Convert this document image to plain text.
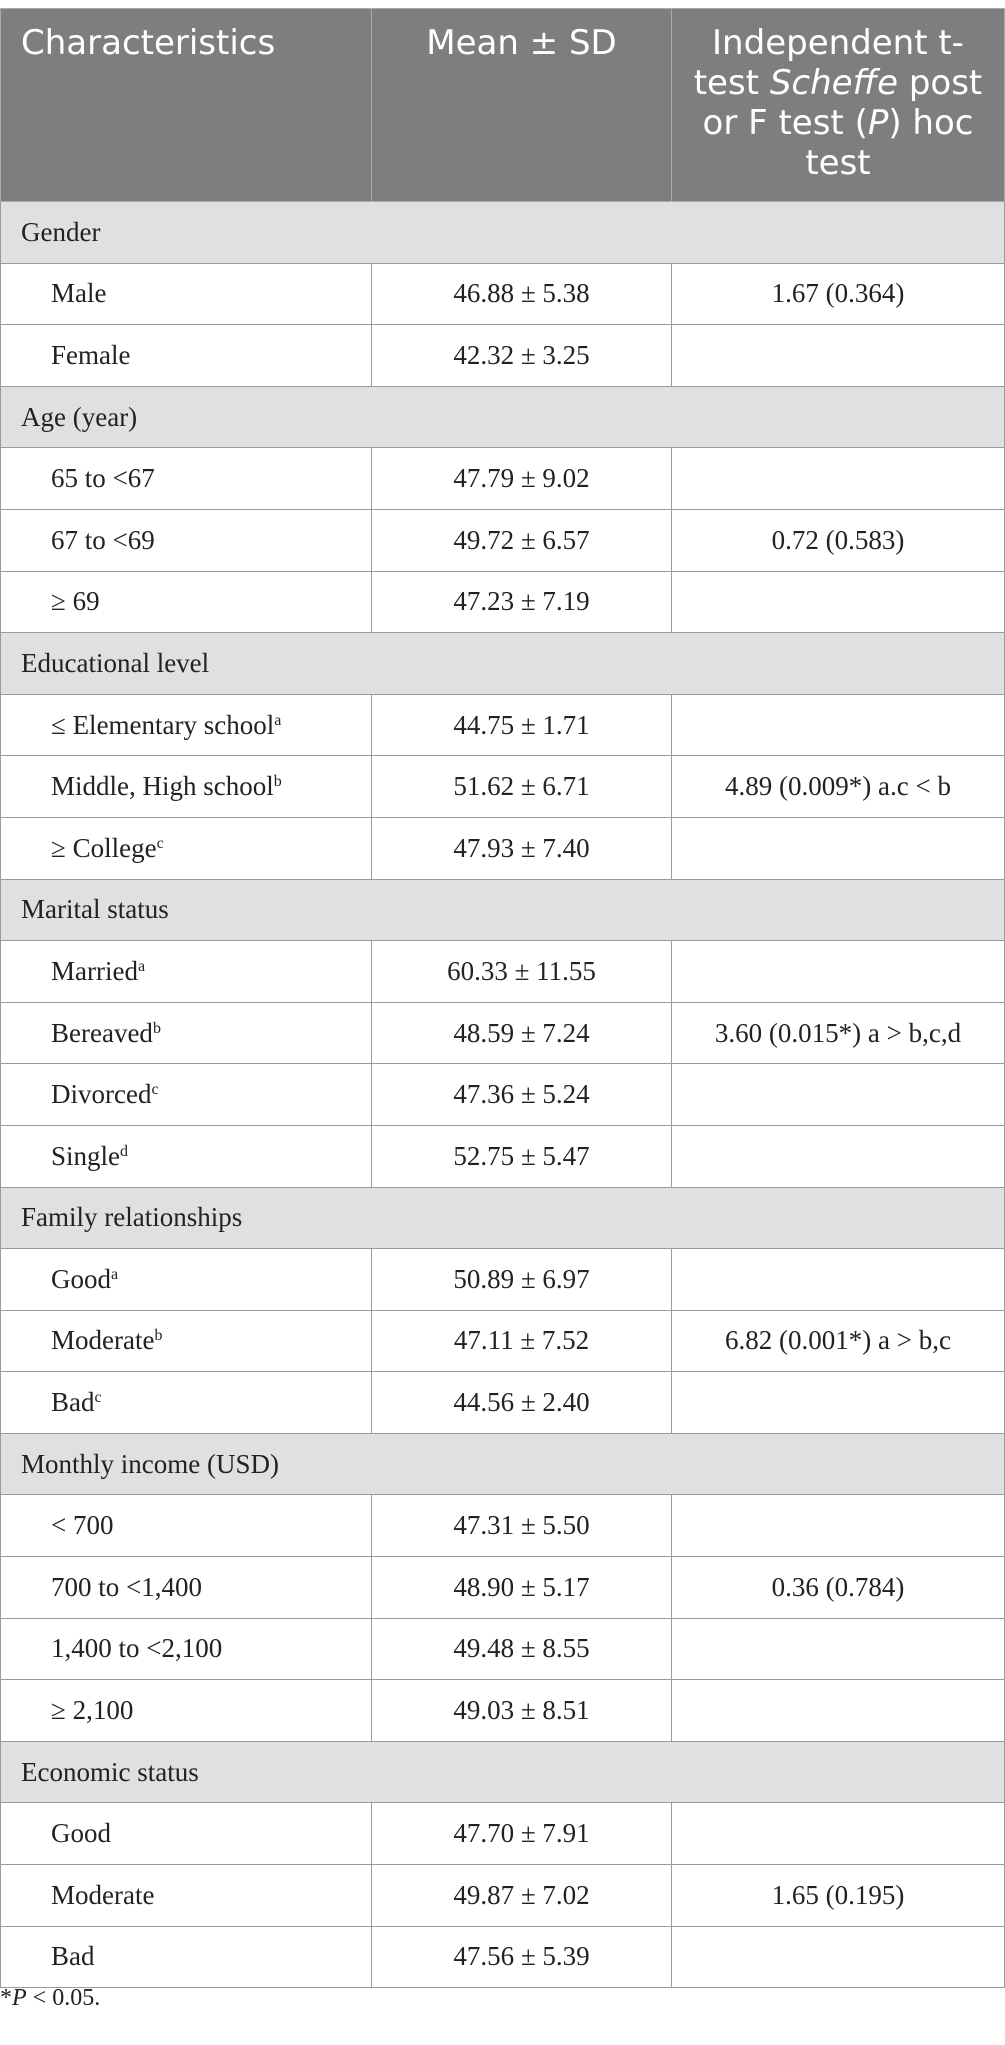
Characteristics	Mean ± SD	Independent t-test Scheffe post or F test (P) hoc test
Gender		
Male	46.88 ± 5.38	1.67 (0.364)
Female	42.32 ± 3.25	
Age (year)		
65 to <67	47.79 ± 9.02	
67 to <69	49.72 ± 6.57	0.72 (0.583)
≥ 69	47.23 ± 7.19	
Educational level		
≤ Elementary school$^a$	44.75 ± 1.71	
Middle, High school$^b$	51.62 ± 6.71	4.89 (0.009*) a.c < b
≥ College$^c$	47.93 ± 7.40	
Marital status		
Married$^a$	60.33 ± 11.55	
Bereaved$^b$	48.59 ± 7.24	3.60 (0.015*) a > b,c,d
Divorced$^c$	47.36 ± 5.24	
Single$^d$	52.75 ± 5.47	
Family relationships		
Good$^a$	50.89 ± 6.97	
Moderate$^b$	47.11 ± 7.52	6.82 (0.001*) a > b,c
Bad$^c$	44.56 ± 2.40	
Monthly income (USD)		
< 700	47.31 ± 5.50	
700 to <1,400	48.90 ± 5.17	0.36 (0.784)
1,400 to <2,100	49.48 ± 8.55	
≥ 2,100	49.03 ± 8.51	
Economic status		
Good	47.70 ± 7.91	
Moderate	49.87 ± 7.02	1.65 (0.195)
Bad	47.56 ± 5.39	
*P < 0.05.
